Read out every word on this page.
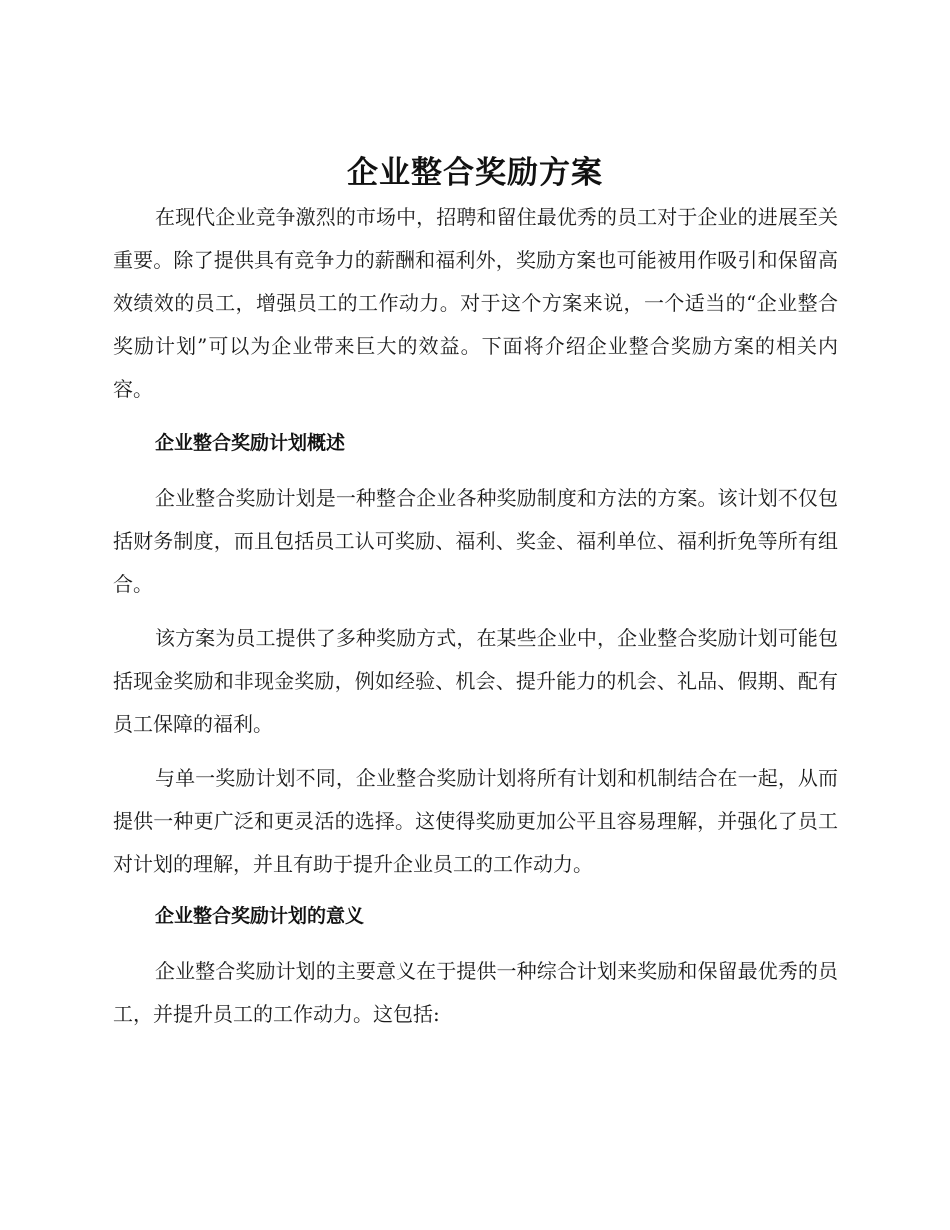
企业整合奖励方案

在现代企业竞争激烈的市场中，招聘和留住最优秀的员工对于企业的进展至关重要。除了提供具有竞争力的薪酬和福利外，奖励方案也可能被用作吸引和保留高效绩效的员工，增强员工的工作动力。对于这个方案来说，一个适当的“企业整合奖励计划”可以为企业带来巨大的效益。下面将介绍企业整合奖励方案的相关内容。

企业整合奖励计划概述

企业整合奖励计划是一种整合企业各种奖励制度和方法的方案。该计划不仅包括财务制度，而且包括员工认可奖励、福利、奖金、福利单位、福利折免等所有组合。

该方案为员工提供了多种奖励方式，在某些企业中，企业整合奖励计划可能包括现金奖励和非现金奖励，例如经验、机会、提升能力的机会、礼品、假期、配有员工保障的福利。

与单一奖励计划不同，企业整合奖励计划将所有计划和机制结合在一起，从而提供一种更广泛和更灵活的选择。这使得奖励更加公平且容易理解，并强化了员工对计划的理解，并且有助于提升企业员工的工作动力。

企业整合奖励计划的意义

企业整合奖励计划的主要意义在于提供一种综合计划来奖励和保留最优秀的员工，并提升员工的工作动力。这包括:
